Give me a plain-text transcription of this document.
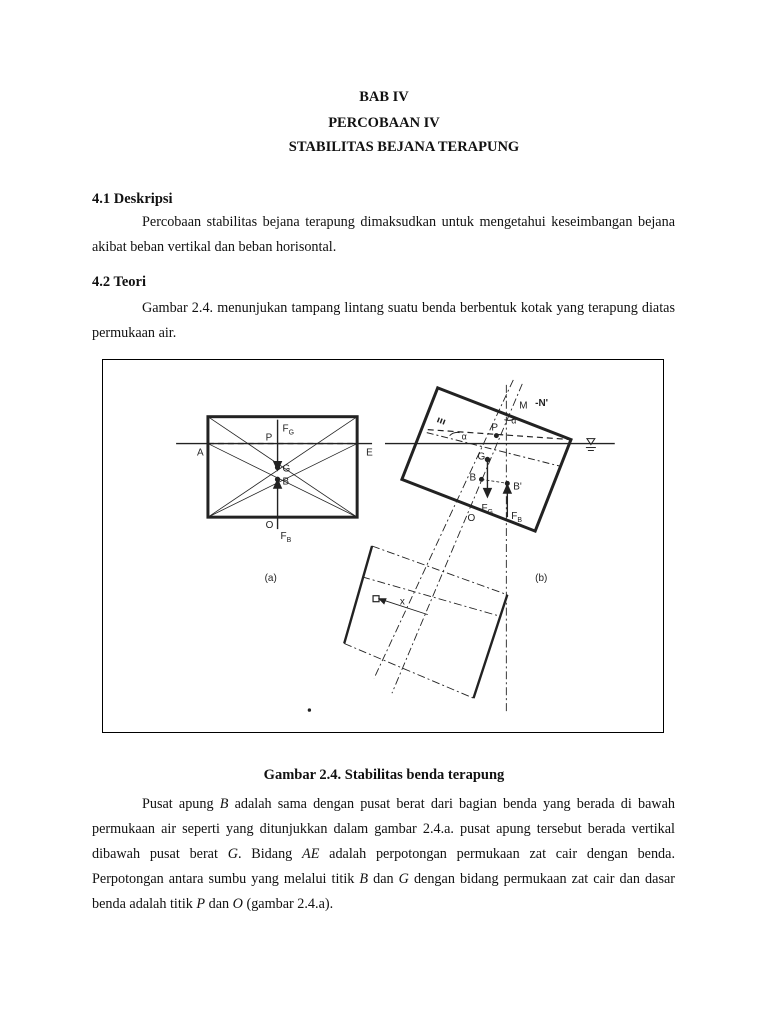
BAB IV
PERCOBAAN IV
STABILITAS BEJANA TERAPUNG
4.1 Deskripsi

Percobaan stabilitas bejana terapung dimaksudkan untuk mengetahui keseimbangan bejana akibat beban vertikal dan beban horisontal.

4.2 Teori

Gambar 2.4. menunjukan tampang lintang suatu benda berbentuk kotak yang terapung diatas permukaan air.

A	E
P
$F_G$
G
B
O
$F_B$
(a)
M -N'
α
α
P
G
B
B'
$F_G$
O	$F_B$
x
(b)
Gambar 2.4. Stabilitas benda terapung

Pusat apung B adalah sama dengan pusat berat dari bagian benda yang berada di bawah permukaan air seperti yang ditunjukkan dalam gambar 2.4.a. pusat apung tersebut berada vertikal dibawah pusat berat G. Bidang AE adalah perpotongan permukaan zat cair dengan benda. Perpotongan antara sumbu yang melalui titik B dan G dengan bidang permukaan zat cair dan dasar benda adalah titik P dan O (gambar 2.4.a).
